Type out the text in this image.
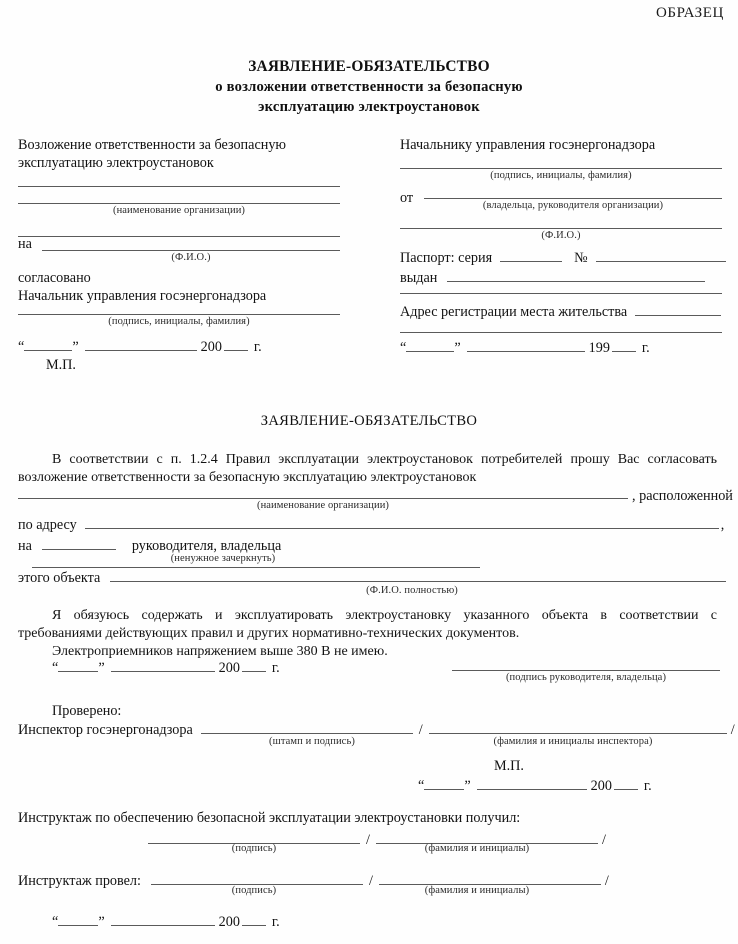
ОБРАЗЕЦ
ЗАЯВЛЕНИЕ-ОБЯЗАТЕЛЬСТВО
о возложении ответственности за безопасную
эксплуатацию электроустановок
Возложение ответственности за безопасную
эксплуатацию электроустановок
(наименование организации)
на
(Ф.И.О.)
согласовано
Начальник управления госэнергонадзора
(подпись, инициалы, фамилия)
“	”	200 г.
М.П.
Начальнику управления госэнергонадзора
(подпись, инициалы, фамилия)
от	(владельца, руководителя организации)
(Ф.И.О.)
Паспорт: серия	№
выдан
Адрес регистрации места жительства
“	”	199 г.
ЗАЯВЛЕНИЕ-ОБЯЗАТЕЛЬСТВО
В соответствии с п. 1.2.4 Правил эксплуатации электроустановок потребителей прошу Вас согласовать
возложение ответственности за безопасную эксплуатацию электроустановок
, расположенной
(наименование организации)
по адресу	,
на	руководителя, владельца
(ненужное зачеркнуть)
этого объекта
(Ф.И.О. полностью)
Я обязуюсь содержать и эксплуатировать электроустановку указанного объекта в соответствии с
требованиями действующих правил и других нормативно-технических документов.
Электроприемников напряжением выше 380 В не имею.
“	”	200 г.
(подпись руководителя, владельца)
Проверено:
Инспектор госэнергонадзора	/	/
(штамп и подпись)	(фамилия и инициалы инспектора)
М.П.
“	”	200 г.
Инструктаж по обеспечению безопасной эксплуатации электроустановки получил:
/	/
(подпись)	(фамилия и инициалы)
Инструктаж провел:	/	/
(подпись)	(фамилия и инициалы)
“	”	200 г.
